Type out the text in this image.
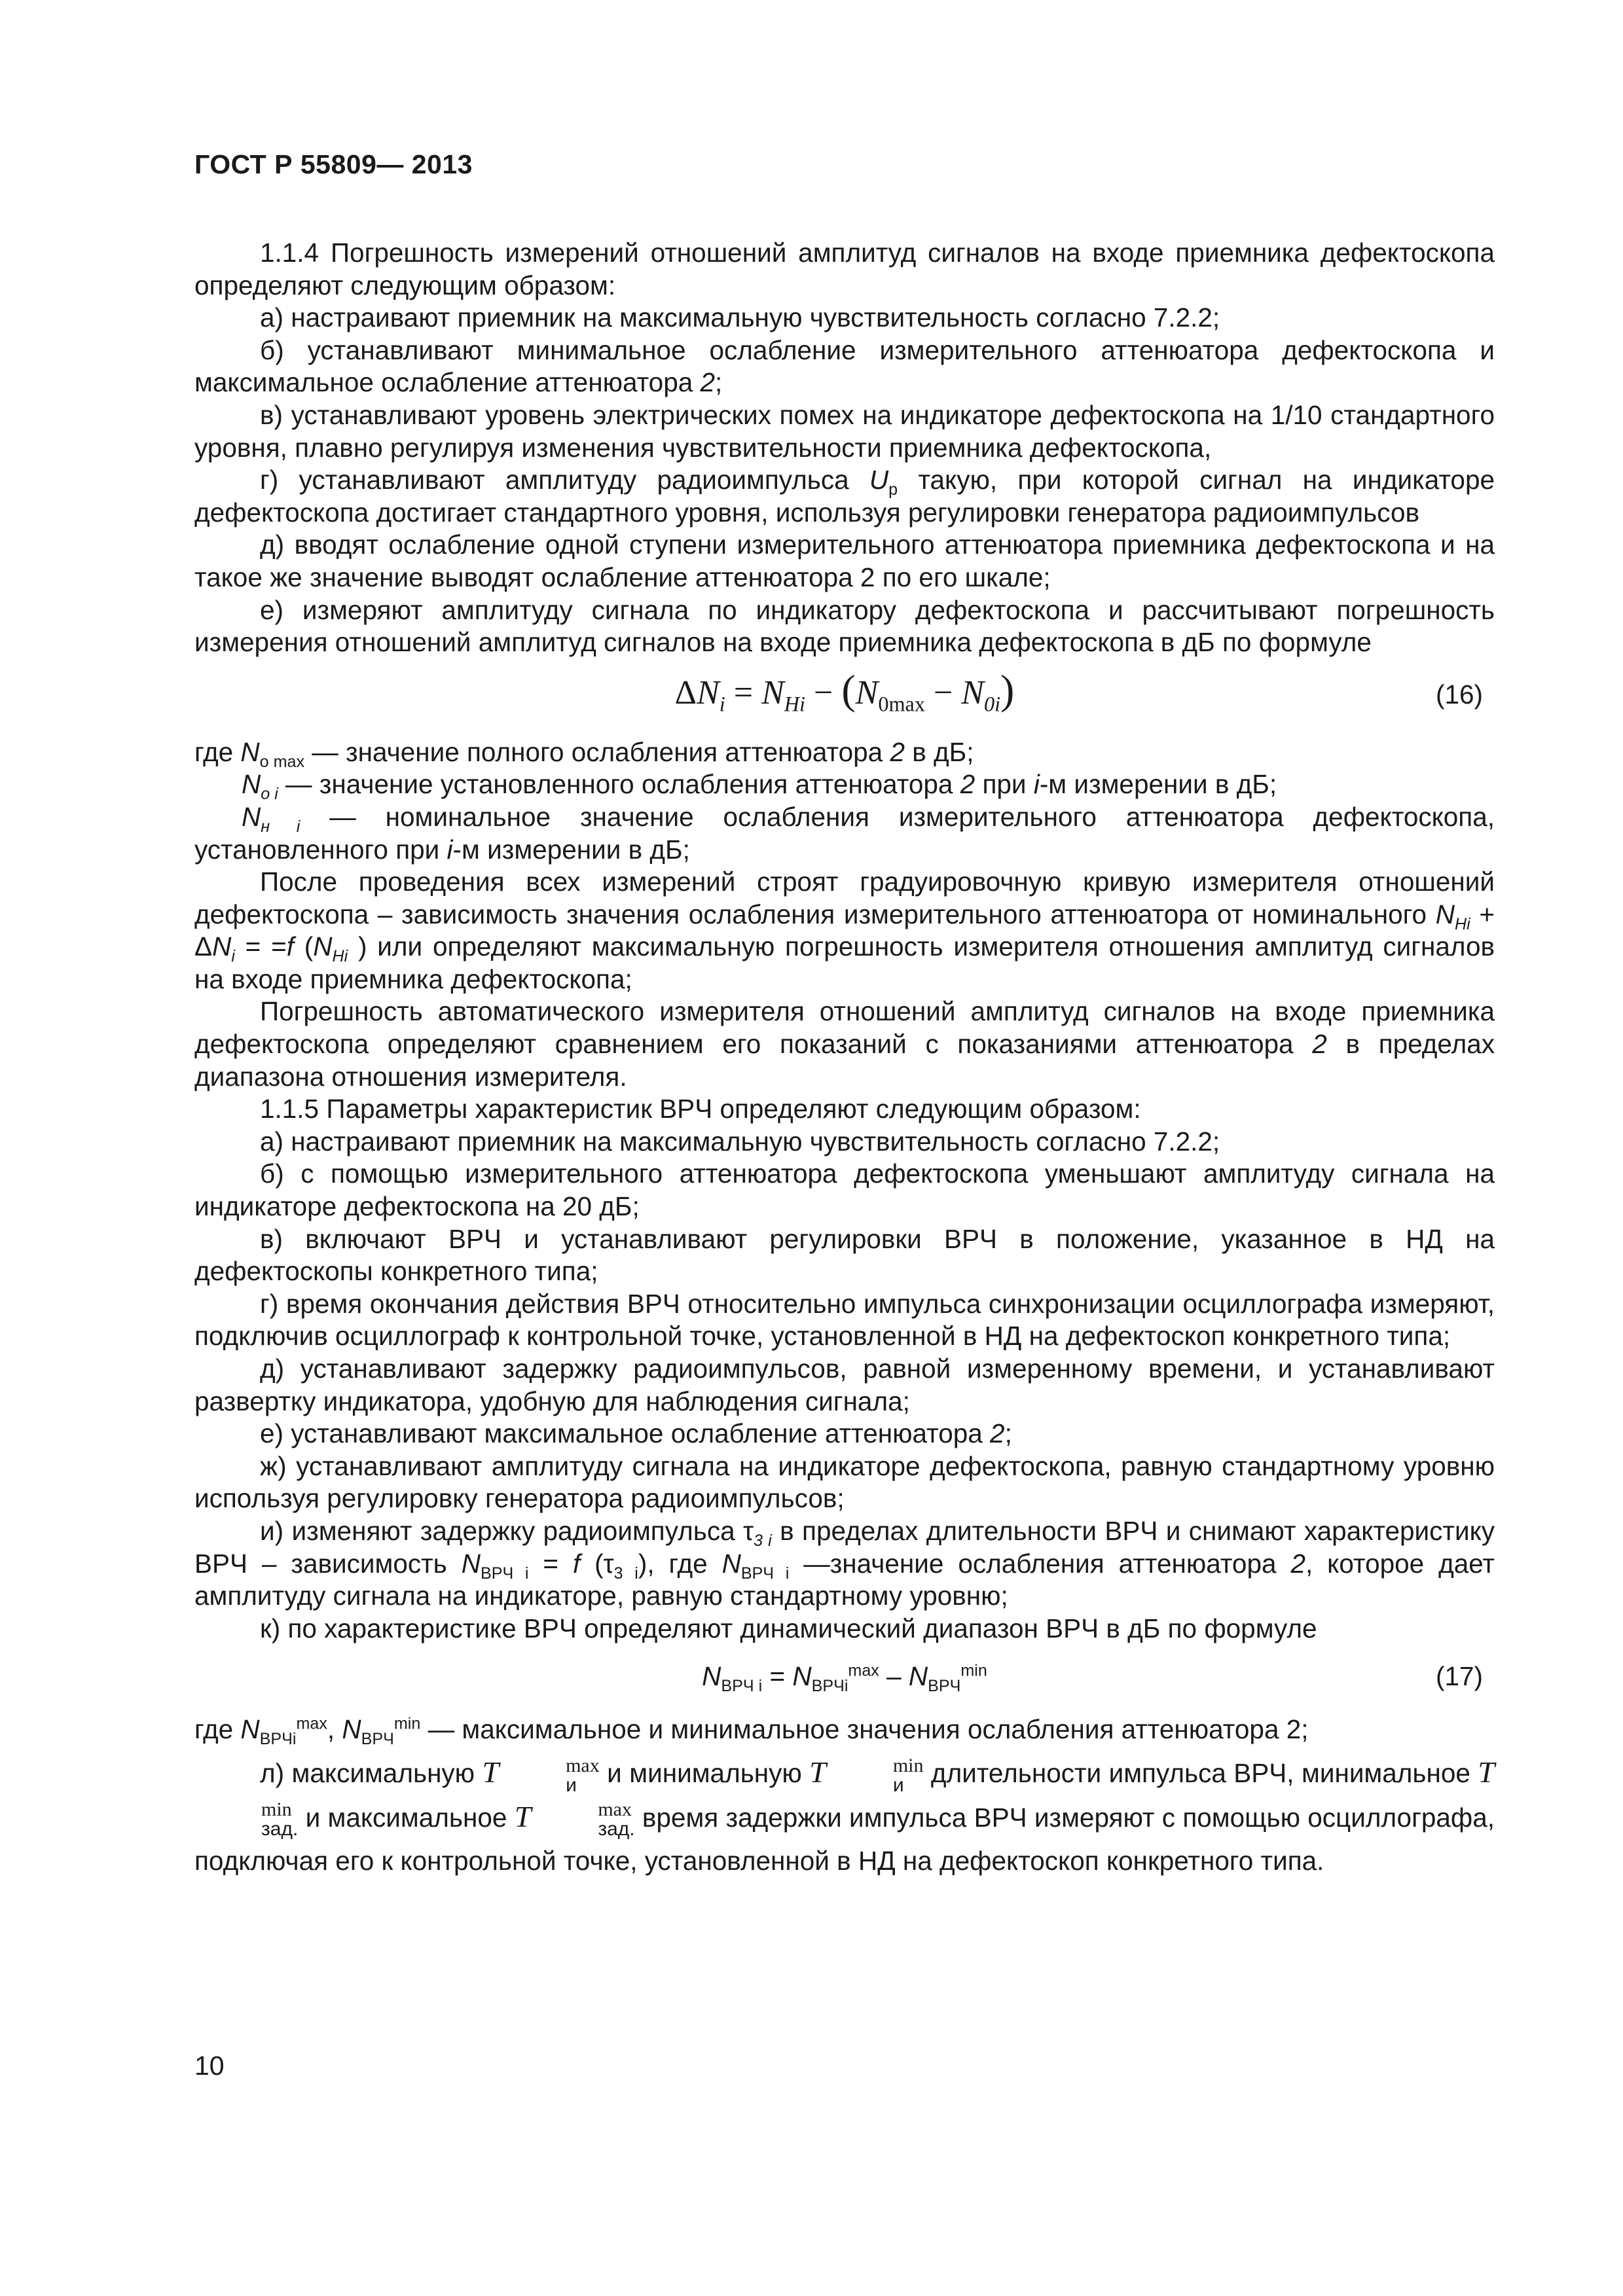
ГОСТ Р 55809— 2013

1.1.4 Погрешность измерений отношений амплитуд сигналов на входе приемника дефектоскопа определяют следующим образом:

а) настраивают приемник на максимальную чувствительность согласно 7.2.2;

б) устанавливают минимальное ослабление измерительного аттенюатора дефектоскопа и максимальное ослабление аттенюатора 2;

в) устанавливают уровень электрических помех на индикаторе дефектоскопа на 1/10 стандартного уровня, плавно регулируя изменения чувствительности приемника дефектоскопа,

г) устанавливают амплитуду радиоимпульса $U_р$ такую, при которой сигнал на индикаторе дефектоскопа достигает стандартного уровня, используя регулировки генератора радиоимпульсов

д) вводят ослабление одной ступени измерительного аттенюатора приемника дефектоскопа и на такое же значение выводят ослабление аттенюатора 2 по его шкале;

е) измеряют амплитуду сигнала по индикатору дефектоскопа и рассчитывают погрешность измерения отношений амплитуд сигналов на входе приемника дефектоскопа в дБ по формуле

$\Delta N_i = N_{Hi} - (N_{0max} - N_{0i})$	(16)

где $N_{о max}$ — значение полного ослабления аттенюатора 2 в дБ;

$N_{о i}$ — значение установленного ослабления аттенюатора 2 при i-м измерении в дБ;

$N_{н i}$ — номинальное значение ослабления измерительного аттенюатора дефектоскопа, установленного при i-м измерении в дБ;

После проведения всех измерений строят градуировочную кривую измерителя отношений дефектоскопа – зависимость значения ослабления измерительного аттенюатора от номинального $N_{Hi} + \Delta N_i = =f$ ($N_{Hi}$ ) или определяют максимальную погрешность измерителя отношения амплитуд сигналов на входе приемника дефектоскопа;

Погрешность автоматического измерителя отношений амплитуд сигналов на входе приемника дефектоскопа определяют сравнением его показаний с показаниями аттенюатора 2 в пределах диапазона отношения измерителя.

1.1.5 Параметры характеристик ВРЧ определяют следующим образом:

а) настраивают приемник на максимальную чувствительность согласно 7.2.2;

б) с помощью измерительного аттенюатора дефектоскопа уменьшают амплитуду сигнала на индикаторе дефектоскопа на 20 дБ;

в) включают ВРЧ и устанавливают регулировки ВРЧ в положение, указанное в НД на дефектоскопы конкретного типа;

г) время окончания действия ВРЧ относительно импульса синхронизации осциллографа измеряют, подключив осциллограф к контрольной точке, установленной в НД на дефектоскоп конкретного типа;

д) устанавливают задержку радиоимпульсов, равной измеренному времени, и устанавливают развертку индикатора, удобную для наблюдения сигнала;

е) устанавливают максимальное ослабление аттенюатора 2;

ж) устанавливают амплитуду сигнала на индикаторе дефектоскопа, равную стандартному уровню используя регулировку генератора радиоимпульсов;

и) изменяют задержку радиоимпульса $\tau_{3 i}$ в пределах длительности ВРЧ и снимают характеристику ВРЧ – зависимость $N_{ВРЧ i} = f$ $(\tau_{3 i})$, где $N_{ВРЧ i}$ —значение ослабления аттенюатора 2, которое дает амплитуду сигнала на индикаторе, равную стандартному уровню;

к) по характеристике ВРЧ определяют динамический диапазон ВРЧ в дБ по формуле

$N_{ВРЧ i} = N_{ВРЧi}^{max} - N_{ВРЧ}^{min}$	(17)

где $N_{ВРЧi}^{max}$, $N_{ВРЧ}^{min}$ — максимальное и минимальное значения ослабления аттенюатора 2;

л) максимальную T	max
и и минимальную T	min
и длительности импульса ВРЧ, минимальное T
min
зад. и максимальное T	max
зад. время задержки импульса ВРЧ измеряют с помощью осциллографа, подключая его к контрольной точке, установленной в НД на дефектоскоп конкретного типа.

10
